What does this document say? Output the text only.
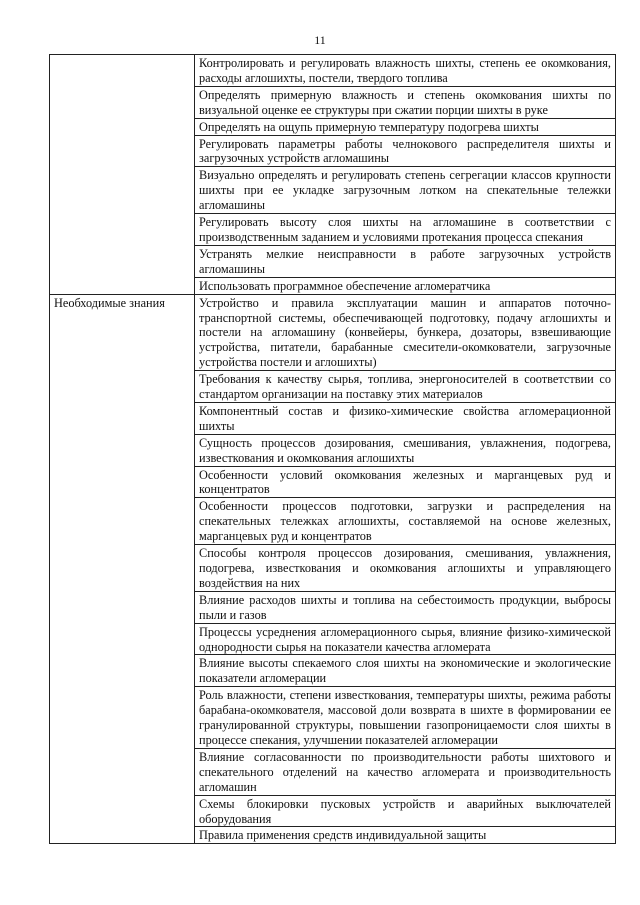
11
	Контролировать и регулировать влажность шихты, степень ее окомкования, расходы аглошихты, постели, твердого топлива
	Определять примерную влажность и степень окомкования шихты по визуальной оценке ее структуры при сжатии порции шихты в руке
	Определять на ощупь примерную температуру подогрева шихты
	Регулировать параметры работы челнокового распределителя шихты и загрузочных устройств агломашины
	Визуально определять и регулировать степень сегрегации классов крупности шихты при ее укладке загрузочным лотком на спекательные тележки агломашины
	Регулировать высоту слоя шихты на агломашине в соответствии с производственным заданием и условиями протекания процесса спекания
	Устранять мелкие неисправности в работе загрузочных устройств агломашины
	Использовать программное обеспечение агломератчика
Необходимые знания	Устройство и правила эксплуатации машин и аппаратов поточно-транспортной системы, обеспечивающей подготовку, подачу аглошихты и постели на агломашину (конвейеры, бункера, дозаторы, взвешивающие устройства, питатели, барабанные смесители-окомкователи, загрузочные устройства постели и аглошихты)
	Требования к качеству сырья, топлива, энергоносителей в соответствии со стандартом организации на поставку этих материалов
	Компонентный состав и физико-химические свойства агломерационной шихты
	Сущность процессов дозирования, смешивания, увлажнения, подогрева, известкования и окомкования аглошихты
	Особенности условий окомкования железных и марганцевых руд и концентратов
	Особенности процессов подготовки, загрузки и распределения на спекательных тележках аглошихты, составляемой на основе железных, марганцевых руд и концентратов
	Способы контроля процессов дозирования, смешивания, увлажнения, подогрева, известкования и окомкования аглошихты и управляющего воздействия на них
	Влияние расходов шихты и топлива на себестоимость продукции, выбросы пыли и газов
	Процессы усреднения агломерационного сырья, влияние физико-химической однородности сырья на показатели качества агломерата
	Влияние высоты спекаемого слоя шихты на экономические и экологические показатели агломерации
	Роль влажности, степени известкования, температуры шихты, режима работы барабана-окомкователя, массовой доли возврата в шихте в формировании ее гранулированной структуры, повышении газопроницаемости слоя шихты в процессе спекания, улучшении показателей агломерации
	Влияние согласованности по производительности работы шихтового и спекательного отделений на качество агломерата и производительность агломашин
	Схемы блокировки пусковых устройств и аварийных выключателей оборудования
	Правила применения средств индивидуальной защиты
